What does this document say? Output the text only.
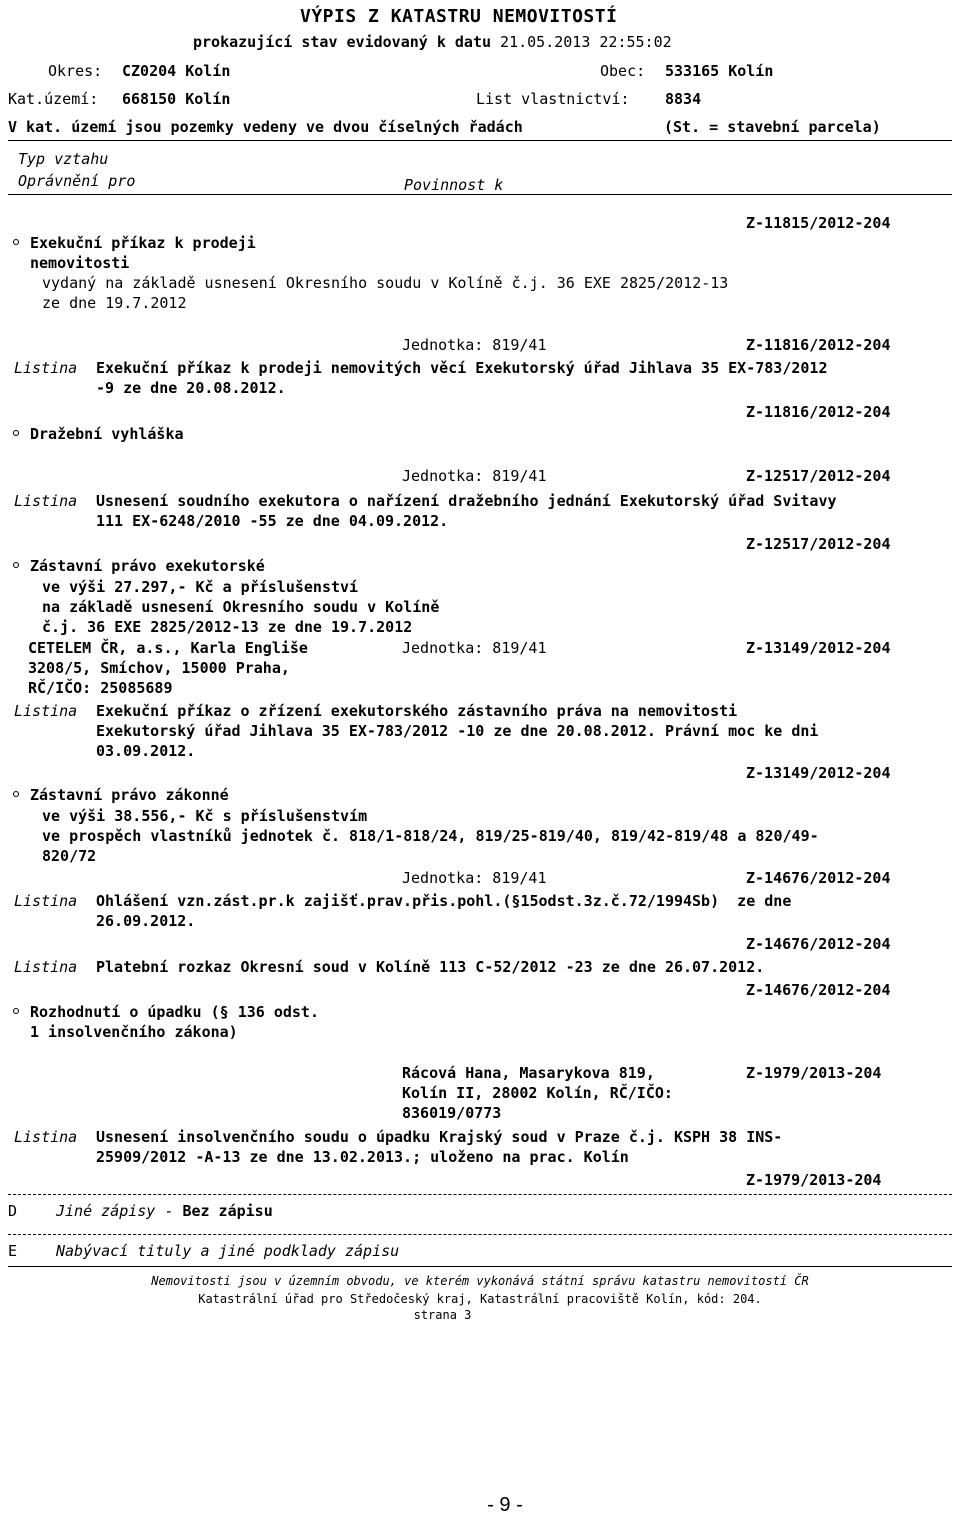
VÝPIS Z KATASTRU NEMOVITOSTÍ
prokazující stav evidovaný k datu 21.05.2013 22:55:02
Okres: CZ0204 Kolín	Obec: 533165 Kolín
Kat.území: 668150 Kolín	List vlastnictví: 8834
V kat. území jsou pozemky vedeny ve dvou číselných řadách	(St. = stavební parcela)
Typ vztahu
Oprávnění pro	Povinnost k
Z-11815/2012-204
Exekuční příkaz k prodeji
nemovitosti
vydaný na základě usnesení Okresního soudu v Kolíně č.j. 36 EXE 2825/2012-13
ze dne 19.7.2012
Jednotka: 819/41	Z-11816/2012-204
Listina Exekuční příkaz k prodeji nemovitých věcí Exekutorský úřad Jihlava 35 EX-783/2012
-9 ze dne 20.08.2012.
Z-11816/2012-204
Dražební vyhláška
Jednotka: 819/41	Z-12517/2012-204
Listina Usnesení soudního exekutora o nařízení dražebního jednání Exekutorský úřad Svitavy
111 EX-6248/2010 -55 ze dne 04.09.2012.
Z-12517/2012-204
Zástavní právo exekutorské
ve výši 27.297,- Kč a příslušenství
na základě usnesení Okresního soudu v Kolíně
č.j. 36 EXE 2825/2012-13 ze dne 19.7.2012
CETELEM ČR, a.s., Karla Engliše
3208/5, Smíchov, 15000 Praha,
RČ/IČO: 25085689
Jednotka: 819/41	Z-13149/2012-204
Listina Exekuční příkaz o zřízení exekutorského zástavního práva na nemovitosti
Exekutorský úřad Jihlava 35 EX-783/2012 -10 ze dne 20.08.2012. Právní moc ke dni
03.09.2012.
Z-13149/2012-204
Zástavní právo zákonné
ve výši 38.556,- Kč s příslušenstvím
ve prospěch vlastníků jednotek č. 818/1-818/24, 819/25-819/40, 819/42-819/48 a 820/49-
820/72
Jednotka: 819/41	Z-14676/2012-204
Listina Ohlášení vzn.zást.pr.k zajišť.prav.přis.pohl.(§15odst.3z.č.72/1994Sb)  ze dne
26.09.2012.
Z-14676/2012-204
Listina Platební rozkaz Okresní soud v Kolíně 113 C-52/2012 -23 ze dne 26.07.2012.
Z-14676/2012-204
Rozhodnutí o úpadku (§ 136 odst.
1 insolvenčního zákona)
Rácová Hana, Masarykova 819,
Kolín II, 28002 Kolín, RČ/IČO:
836019/0773
Z-1979/2013-204
Listina Usnesení insolvenčního soudu o úpadku Krajský soud v Praze č.j. KSPH 38 INS-
25909/2012 -A-13 ze dne 13.02.2013.; uloženo na prac. Kolín
Z-1979/2013-204
D	Jiné zápisy - Bez zápisu
E	Nabývací tituly a jiné podklady zápisu
Nemovitosti jsou v územním obvodu, ve kterém vykonává státní správu katastru nemovitostí ČR
Katastrální úřad pro Středočeský kraj, Katastrální pracoviště Kolín, kód: 204.
strana 3
- 9 -
